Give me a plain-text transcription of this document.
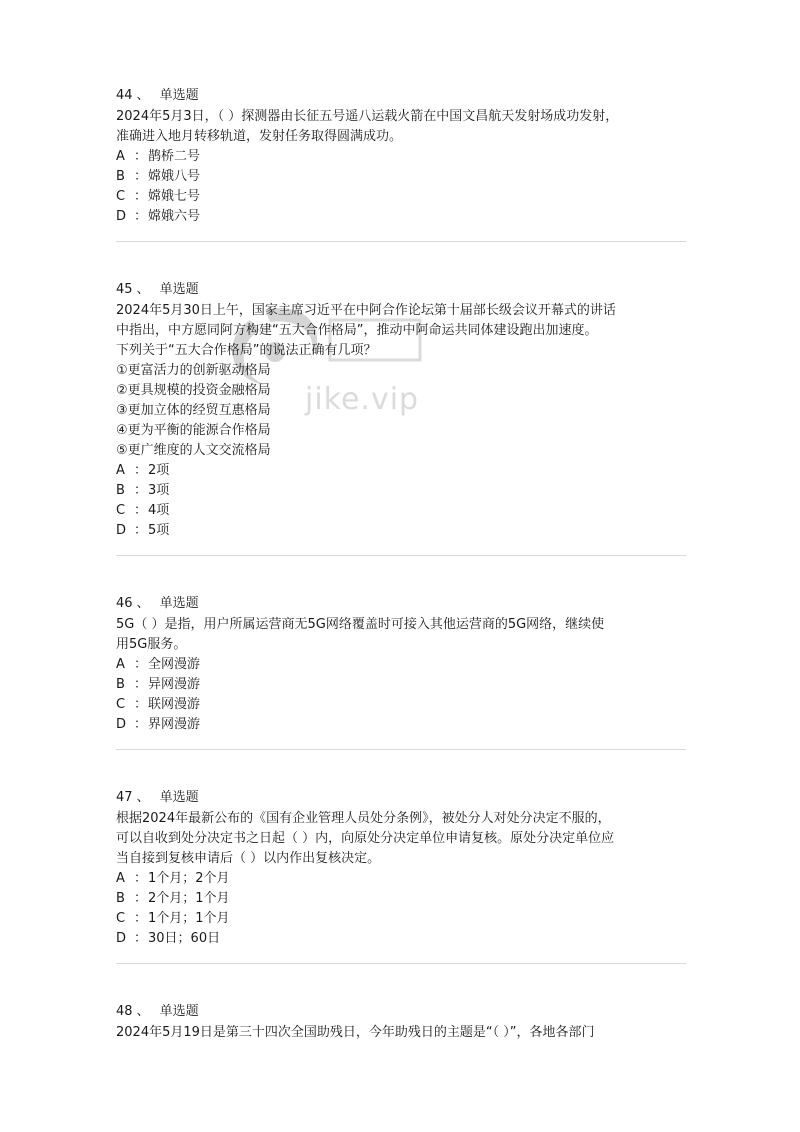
jike.vip
44 、 单选题

2024年5月3日，（ ）探测器由长征五号遥八运载火箭在中国文昌航天发射场成功发射，

准确进入地月转移轨道，发射任务取得圆满成功。

A ：鹊桥二号
B ：嫦娥八号
C ：嫦娥七号
D ：嫦娥六号
45 、 单选题

2024年5月30日上午，国家主席习近平在中阿合作论坛第十届部长级会议开幕式的讲话

中指出，中方愿同阿方构建“五大合作格局”，推动中阿命运共同体建设跑出加速度。

下列关于“五大合作格局”的说法正确有几项？

①更富活力的创新驱动格局

②更具规模的投资金融格局

③更加立体的经贸互惠格局

④更为平衡的能源合作格局

⑤更广维度的人文交流格局

A ：2项
B ：3项
C ：4项
D ：5项
46 、 单选题

5G（ ）是指，用户所属运营商无5G网络覆盖时可接入其他运营商的5G网络，继续使

用5G服务。

A ：全网漫游
B ：异网漫游
C ：联网漫游
D ：界网漫游
47 、 单选题

根据2024年最新公布的《国有企业管理人员处分条例》，被处分人对处分决定不服的，

可以自收到处分决定书之日起（ ）内，向原处分决定单位申请复核。原处分决定单位应

当自接到复核申请后（ ）以内作出复核决定。

A ：1个月；2个月
B ：2个月；1个月
C ：1个月；1个月
D ：30日；60日
48 、 单选题

2024年5月19日是第三十四次全国助残日，今年助残日的主题是“（ ）”，各地各部门
